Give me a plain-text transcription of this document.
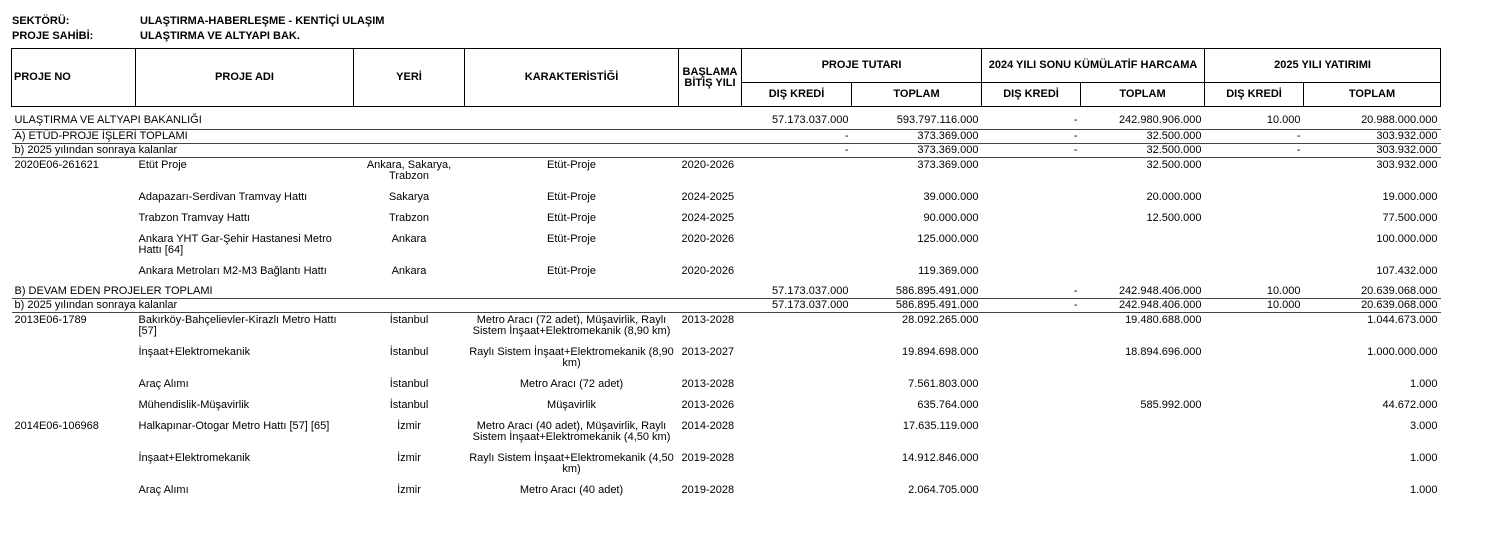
SEKTÖRÜ:	ULAŞTIRMA-HABERLEŞME - KENTİÇİ ULAŞIM
PROJE SAHİBİ:	ULAŞTIRMA VE ALTYAPI BAK.
PROJE NO	PROJE ADI	YERİ	KARAKTERİSTİĞİ	BAŞLAMA BİTİŞ YILI	PROJE TUTARI		2024 YILI SONU KÜMÜLATİF HARCAMA		2025 YILI YATIRIMI	
					DIŞ KREDİ	TOPLAM	DIŞ KREDİ	TOPLAM	DIŞ KREDİ	TOPLAM
ULAŞTIRMA VE ALTYAPI BAKANLIĞI					57.173.037.000	593.797.116.000	-	242.980.906.000	10.000	20.988.000.000
A) ETÜD-PROJE İŞLERİ TOPLAMI					-	373.369.000	-	32.500.000	-	303.932.000
b) 2025 yılından sonraya kalanlar					-	373.369.000	-	32.500.000	-	303.932.000
2020E06-261621	Etüt Proje	Ankara, Sakarya, Trabzon	Etüt-Proje	2020-2026		373.369.000		32.500.000		303.932.000
	Adapazarı-Serdivan Tramvay Hattı	Sakarya	Etüt-Proje	2024-2025		39.000.000		20.000.000		19.000.000
	Trabzon Tramvay Hattı	Trabzon	Etüt-Proje	2024-2025		90.000.000		12.500.000		77.500.000
	Ankara YHT Gar-Şehir Hastanesi Metro Hattı [64]	Ankara	Etüt-Proje	2020-2026		125.000.000				100.000.000
	Ankara Metroları M2-M3 Bağlantı Hattı	Ankara	Etüt-Proje	2020-2026		119.369.000				107.432.000
B) DEVAM EDEN PROJELER TOPLAMI					57.173.037.000	586.895.491.000	-	242.948.406.000	10.000	20.639.068.000
b) 2025 yılından sonraya kalanlar					57.173.037.000	586.895.491.000	-	242.948.406.000	10.000	20.639.068.000
2013E06-1789	Bakırköy-Bahçelievler-Kirazlı Metro Hattı [57]	İstanbul	Metro Aracı (72 adet), Müşavirlik, Raylı Sistem İnşaat+Elektromekanik (8,90 km)	2013-2028		28.092.265.000		19.480.688.000		1.044.673.000
	İnşaat+Elektromekanik	İstanbul	Raylı Sistem İnşaat+Elektromekanik (8,90 km)	2013-2027		19.894.698.000		18.894.696.000		1.000.000.000
	Araç Alımı	İstanbul	Metro Aracı (72 adet)	2013-2028		7.561.803.000				1.000
	Mühendislik-Müşavirlik	İstanbul	Müşavirlik	2013-2026		635.764.000		585.992.000		44.672.000
2014E06-106968	Halkapınar-Otogar Metro Hattı [57] [65]	İzmir	Metro Aracı (40 adet), Müşavirlik, Raylı Sistem İnşaat+Elektromekanik (4,50 km)	2014-2028		17.635.119.000				3.000
	İnşaat+Elektromekanik	İzmir	Raylı Sistem İnşaat+Elektromekanik (4,50 km)	2019-2028		14.912.846.000				1.000
	Araç Alımı	İzmir	Metro Aracı (40 adet)	2019-2028		2.064.705.000				1.000
